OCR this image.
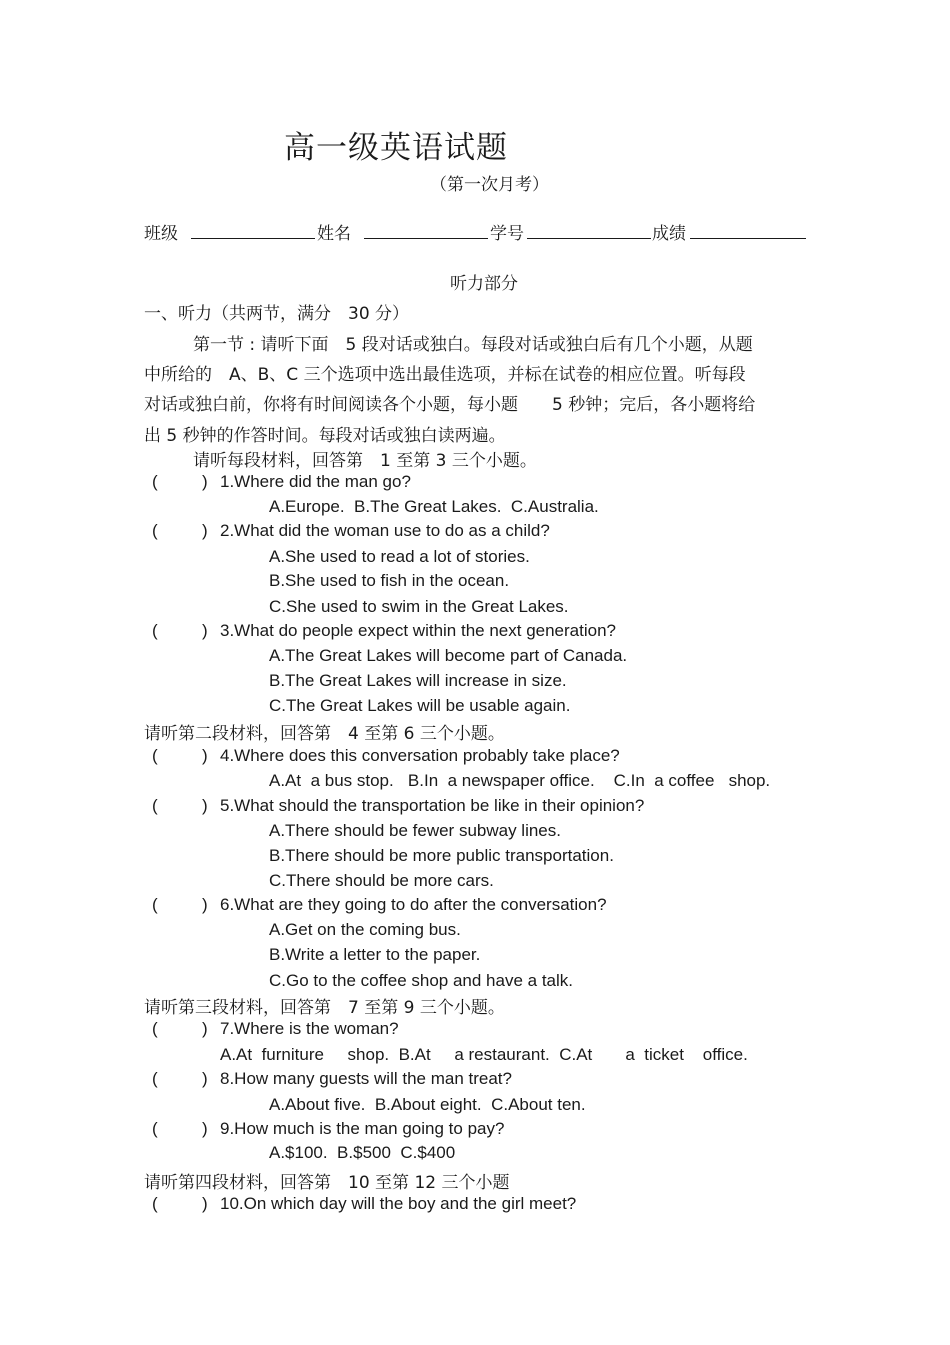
高一级英语试题
（第一次月考）
班级	姓名	学号	成绩
听力部分
一、听力（共两节，满分　30 分）
第一节 : 请听下面　5 段对话或独白。每段对话或独白后有几个小题，从题
中所给的　A、B、C 三个选项中选出最佳选项，并标在试卷的相应位置。听每段
对话或独白前，你将有时间阅读各个小题，每小题　　5 秒钟；完后，各小题将给
出 5 秒钟的作答时间。每段对话或独白读两遍。
请听每段材料，回答第　1 至第 3 三个小题。
(	) 1.Where did the man go?
A.Europe.  B.The Great Lakes.  C.Australia.
(	) 2.What did the woman use to do as a child?
A.She used to read a lot of stories.
B.She used to fish in the ocean.
C.She used to swim in the Great Lakes.
(	) 3.What do people expect within the next generation?
A.The Great Lakes will become part of Canada.
B.The Great Lakes will increase in size.
C.The Great Lakes will be usable again.
请听第二段材料，回答第　4 至第 6 三个小题。
(	) 4.Where does this conversation probably take place?
A.At  a bus stop.   B.In  a newspaper office.    C.In  a coffee   shop.
(	) 5.What should the transportation be like in their opinion?
A.There should be fewer subway lines.
B.There should be more public transportation.
C.There should be more cars.
(	) 6.What are they going to do after the conversation?
A.Get on the coming bus.
B.Write a letter to the paper.
C.Go to the coffee shop and have a talk.
请听第三段材料，回答第　7 至第 9 三个小题。
(	) 7.Where is the woman?
A.At  furniture     shop.  B.At     a restaurant.  C.At       a  ticket    office.
(	) 8.How many guests will the man treat?
A.About five.  B.About eight.  C.About ten.
(	) 9.How much is the man going to pay?
A.$100.  B.$500  C.$400
请听第四段材料，回答第　10 至第 12 三个小题
(	) 10.On which day will the boy and the girl meet?
